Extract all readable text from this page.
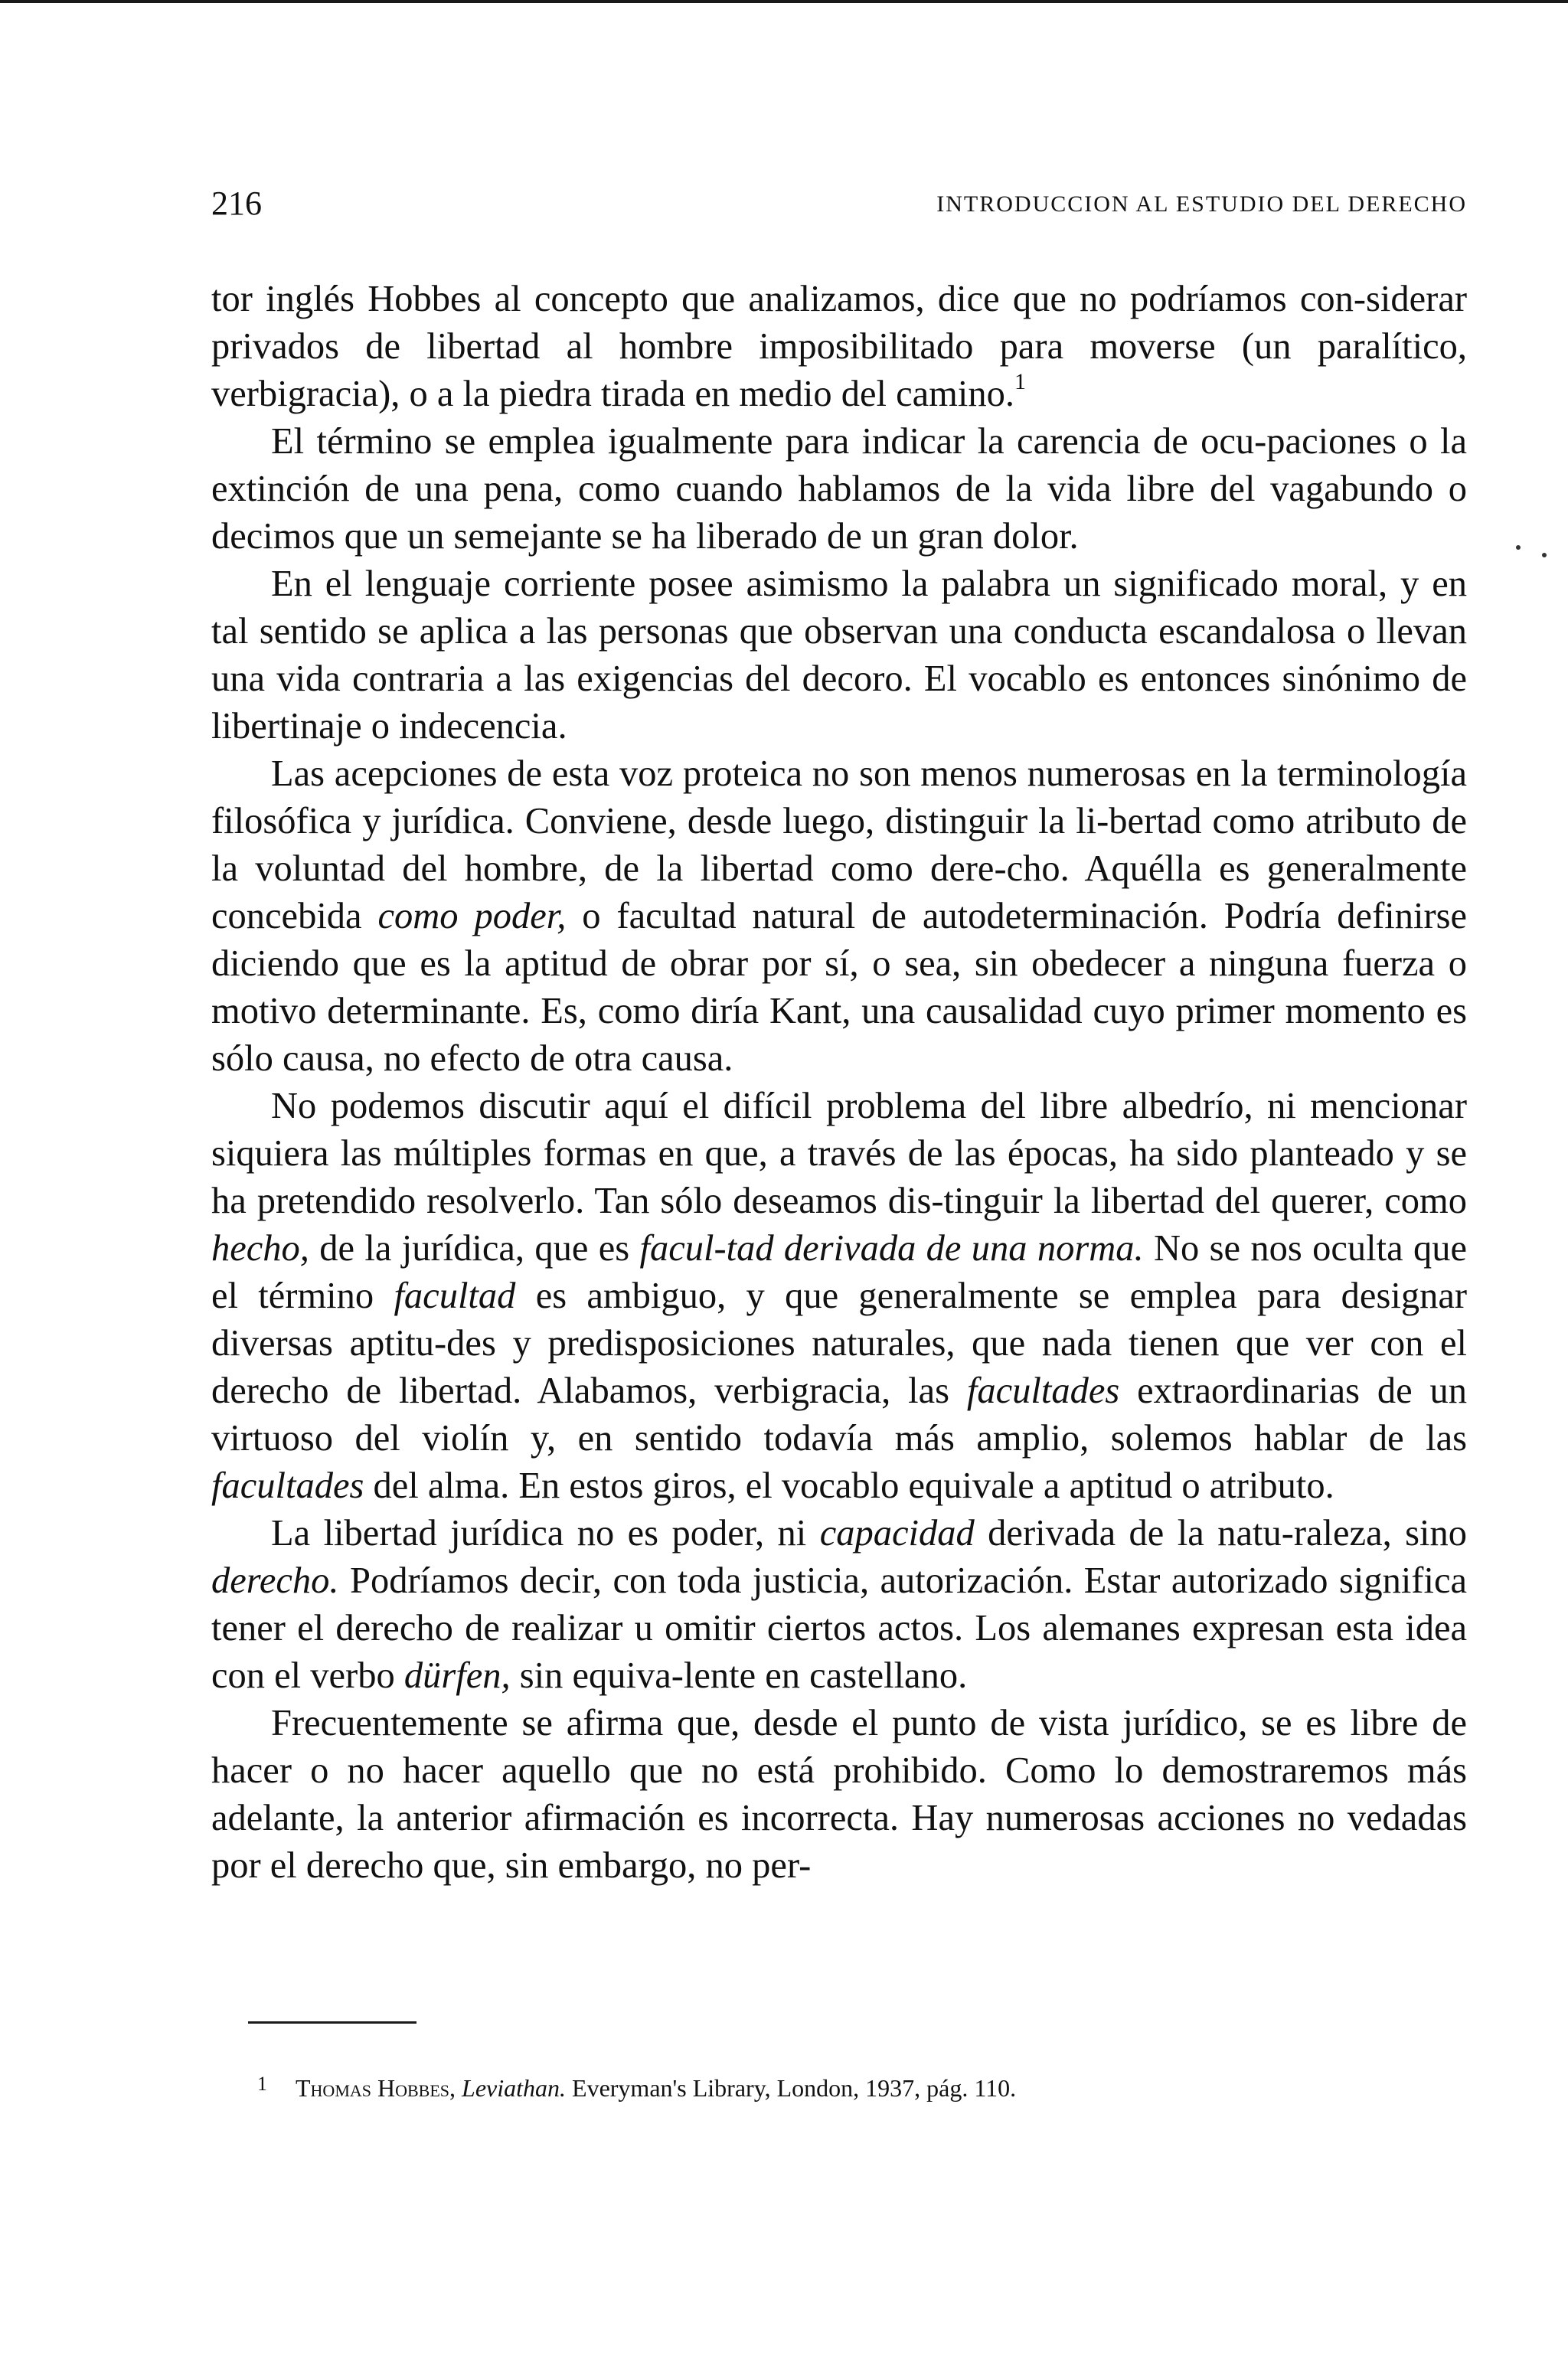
216	INTRODUCCION AL ESTUDIO DEL DERECHO

tor inglés Hobbes al concepto que analizamos, dice que no podríamos con-siderar privados de libertad al hombre imposibilitado para moverse (un paralítico, verbigracia), o a la piedra tirada en medio del camino.$^1$

El término se emplea igualmente para indicar la carencia de ocu-paciones o la extinción de una pena, como cuando hablamos de la vida libre del vagabundo o decimos que un semejante se ha liberado de un gran dolor.

En el lenguaje corriente posee asimismo la palabra un significado moral, y en tal sentido se aplica a las personas que observan una conducta escandalosa o llevan una vida contraria a las exigencias del decoro. El vocablo es entonces sinónimo de libertinaje o indecencia.

Las acepciones de esta voz proteica no son menos numerosas en la terminología filosófica y jurídica. Conviene, desde luego, distinguir la li-bertad como atributo de la voluntad del hombre, de la libertad como dere-cho. Aquélla es generalmente concebida como poder, o facultad natural de autodeterminación. Podría definirse diciendo que es la aptitud de obrar por sí, o sea, sin obedecer a ninguna fuerza o motivo determinante. Es, como diría Kant, una causalidad cuyo primer momento es sólo causa, no efecto de otra causa.

No podemos discutir aquí el difícil problema del libre albedrío, ni mencionar siquiera las múltiples formas en que, a través de las épocas, ha sido planteado y se ha pretendido resolverlo. Tan sólo deseamos dis-tinguir la libertad del querer, como hecho, de la jurídica, que es facul-tad derivada de una norma. No se nos oculta que el término facultad es ambiguo, y que generalmente se emplea para designar diversas aptitu-des y predisposiciones naturales, que nada tienen que ver con el derecho de libertad. Alabamos, verbigracia, las facultades extraordinarias de un virtuoso del violín y, en sentido todavía más amplio, solemos hablar de las facultades del alma. En estos giros, el vocablo equivale a aptitud o atributo.

La libertad jurídica no es poder, ni capacidad derivada de la natu-raleza, sino derecho. Podríamos decir, con toda justicia, autorización. Estar autorizado significa tener el derecho de realizar u omitir ciertos actos. Los alemanes expresan esta idea con el verbo dürfen, sin equiva-lente en castellano.

Frecuentemente se afirma que, desde el punto de vista jurídico, se es libre de hacer o no hacer aquello que no está prohibido. Como lo demostraremos más adelante, la anterior afirmación es incorrecta. Hay numerosas acciones no vedadas por el derecho que, sin embargo, no per-

1 Thomas Hobbes, Leviathan. Everyman's Library, London, 1937, pág. 110.
